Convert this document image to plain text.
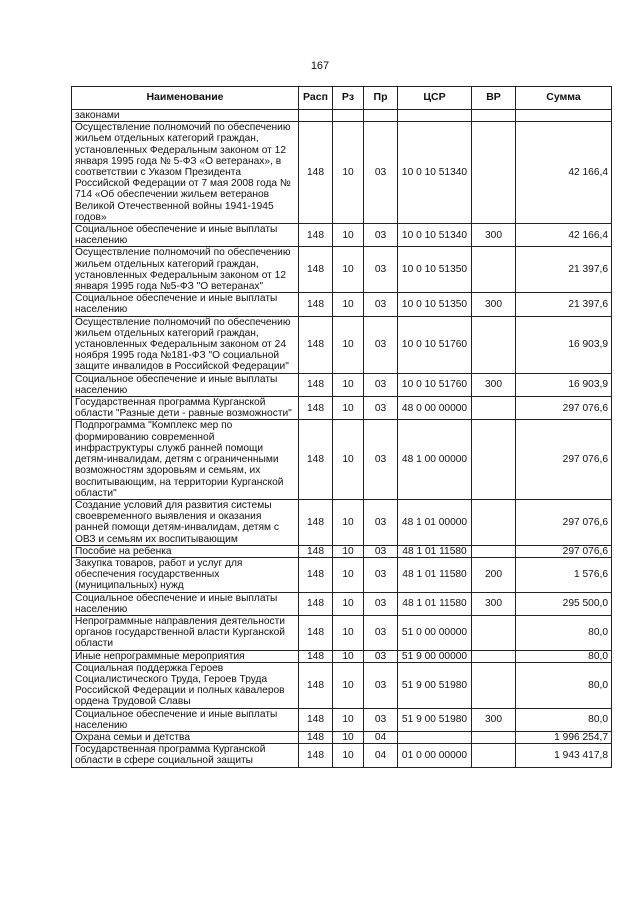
167
Наименование	Расп	Рз	Пр	ЦСР	ВР	Сумма
законами						
Осуществление полномочий по обеспечению жильем отдельных категорий граждан, установленных Федеральным законом от 12 января 1995 года № 5-ФЗ «О ветеранах», в соответствии с Указом Президента Российской Федерации от 7 мая 2008 года № 714 «Об обеспечении жильем ветеранов Великой Отечественной войны 1941-1945 годов»	148	10	03	10 0 10 51340		42 166,4
Социальное обеспечение и иные выплаты населению	148	10	03	10 0 10 51340	300	42 166,4
Осуществление полномочий по обеспечению жильем отдельных категорий граждан, установленных Федеральным законом от 12 января 1995 года №5-ФЗ "О ветеранах"	148	10	03	10 0 10 51350		21 397,6
Социальное обеспечение и иные выплаты населению	148	10	03	10 0 10 51350	300	21 397,6
Осуществление полномочий по обеспечению жильем отдельных категорий граждан, установленных Федеральным законом от 24 ноября 1995 года №181-ФЗ "О социальной защите инвалидов в Российской Федерации"	148	10	03	10 0 10 51760		16 903,9
Социальное обеспечение и иные выплаты населению	148	10	03	10 0 10 51760	300	16 903,9
Государственная программа Курганской области "Разные дети - равные возможности"	148	10	03	48 0 00 00000		297 076,6
Подпрограмма "Комплекс мер по формированию современной инфраструктуры служб ранней помощи детям-инвалидам, детям с ограниченными возможностям здоровьям и семьям, их воспитывающим, на территории Курганской области"	148	10	03	48 1 00 00000		297 076,6
Создание условий для развития системы своевременного выявления и оказания ранней помощи детям-инвалидам, детям с ОВЗ и семьям их воспитывающим	148	10	03	48 1 01 00000		297 076,6
Пособие на ребенка	148	10	03	48 1 01 11580		297 076,6
Закупка товаров, работ и услуг для обеспечения государственных (муниципальных) нужд	148	10	03	48 1 01 11580	200	1 576,6
Социальное обеспечение и иные выплаты населению	148	10	03	48 1 01 11580	300	295 500,0
Непрограммные направления деятельности органов государственной власти Курганской области	148	10	03	51 0 00 00000		80,0
Иные непрограммные мероприятия	148	10	03	51 9 00 00000		80,0
Социальная поддержка Героев Социалистического Труда, Героев Труда Российской Федерации и полных кавалеров ордена Трудовой Славы	148	10	03	51 9 00 51980		80,0
Социальное обеспечение и иные выплаты населению	148	10	03	51 9 00 51980	300	80,0
Охрана семьи и детства	148	10	04			1 996 254,7
Государственная программа Курганской области в сфере социальной защиты	148	10	04	01 0 00 00000		1 943 417,8
